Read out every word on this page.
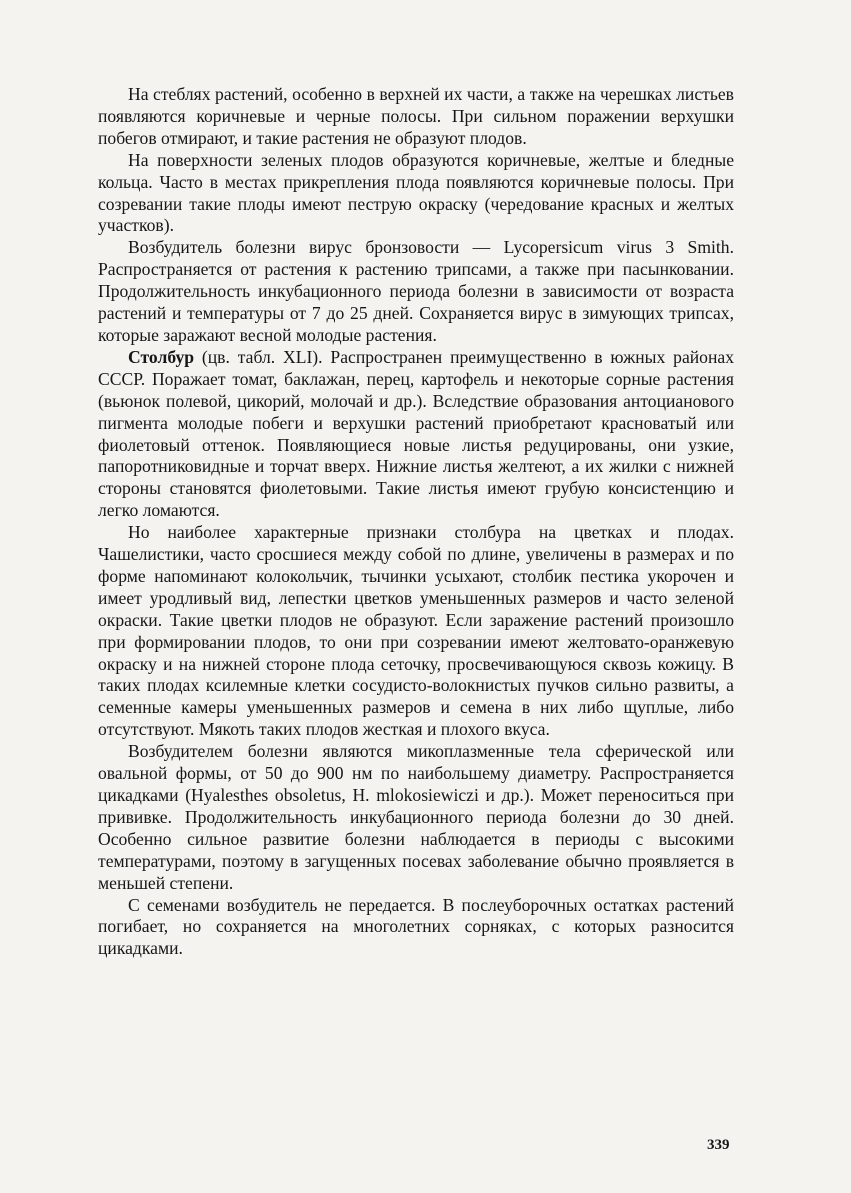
На стеблях растений, особенно в верхней их части, а также на черешках листьев появляются коричневые и черные полосы. При сильном поражении верхушки побегов отмирают, и такие растения не образуют плодов.

На поверхности зеленых плодов образуются коричневые, желтые и бледные кольца. Часто в местах прикрепления плода появляются коричневые полосы. При созревании такие плоды имеют пеструю окраску (чередование красных и желтых участков).

Возбудитель болезни вирус бронзовости — Lycopersicum virus 3 Smith. Распространяется от растения к растению трипсами, а также при пасынковании. Продолжительность инкубационного периода болезни в зависимости от возраста растений и температуры от 7 до 25 дней. Сохраняется вирус в зимующих трипсах, которые заражают весной молодые растения.

Столбур (цв. табл. XLI). Распространен преимущественно в южных районах СССР. Поражает томат, баклажан, перец, картофель и некоторые сорные растения (вьюнок полевой, цикорий, молочай и др.). Вследствие образования антоцианового пигмента молодые побеги и верхушки растений приобретают красноватый или фиолетовый оттенок. Появляющиеся новые листья редуцированы, они узкие, папоротниковидные и торчат вверх. Нижние листья желтеют, а их жилки с нижней стороны становятся фиолетовыми. Такие листья имеют грубую консистенцию и легко ломаются.

Но наиболее характерные признаки столбура на цветках и плодах. Чашелистики, часто сросшиеся между собой по длине, увеличены в размерах и по форме напоминают колокольчик, тычинки усыхают, столбик пестика укорочен и имеет уродливый вид, лепестки цветков уменьшенных размеров и часто зеленой окраски. Такие цветки плодов не образуют. Если заражение растений произошло при формировании плодов, то они при созревании имеют желтовато-оранжевую окраску и на нижней стороне плода сеточку, просвечивающуюся сквозь кожицу. В таких плодах ксилемные клетки сосудисто-волокнистых пучков сильно развиты, а семенные камеры уменьшенных размеров и семена в них либо щуплые, либо отсутствуют. Мякоть таких плодов жесткая и плохого вкуса.

Возбудителем болезни являются микоплазменные тела сферической или овальной формы, от 50 до 900 нм по наибольшему диаметру. Распространяется цикадками (Hyalesthes obsoletus, H. mlokosiewiczi и др.). Может переноситься при прививке. Продолжительность инкубационного периода болезни до 30 дней. Особенно сильное развитие болезни наблюдается в периоды с высокими температурами, поэтому в загущенных посевах заболевание обычно проявляется в меньшей степени.

С семенами возбудитель не передается. В послеуборочных остатках растений погибает, но сохраняется на многолетних сорняках, с которых разносится цикадками.

339
